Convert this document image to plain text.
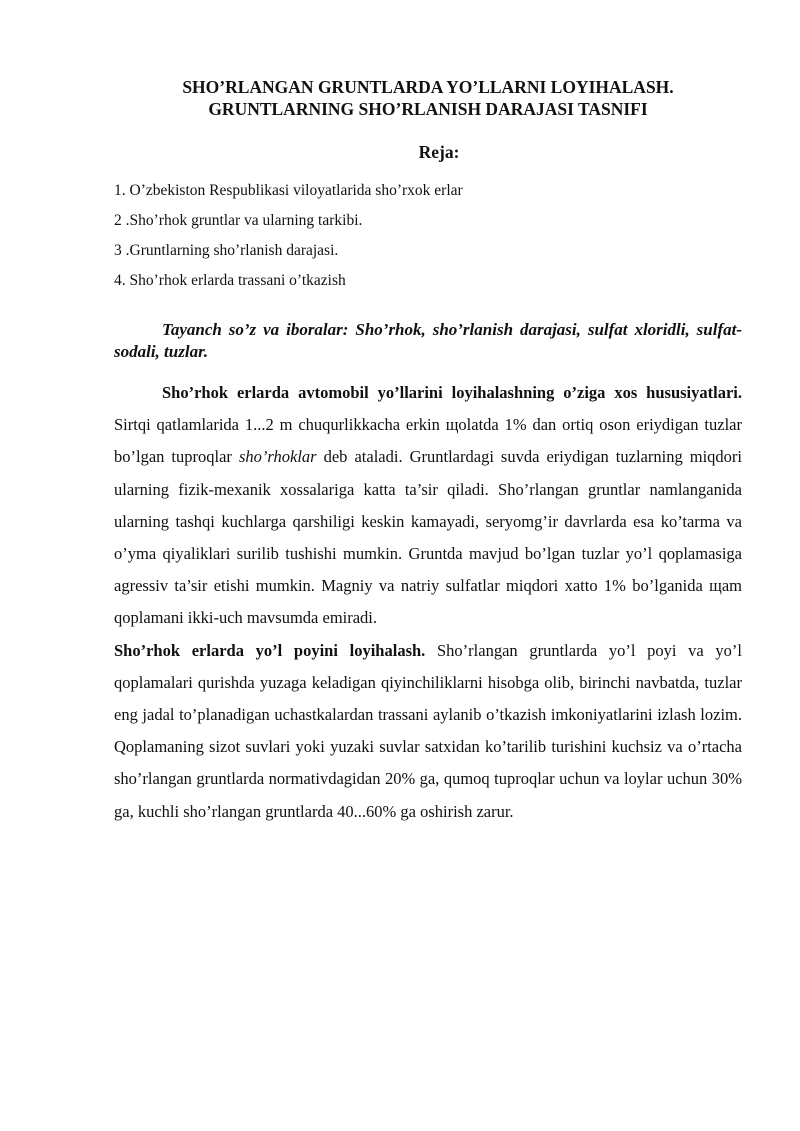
SHO’RLANGAN GRUNTLARDA YO’LLARNI LOYIHALASH.
GRUNTLARNING SHO’RLANISH DARAJASI TASNIFI
Reja:
1. O’zbekiston Respublikasi viloyatlarida sho’rxok erlar
2 .Sho’rhok gruntlar va ularning tarkibi.
3 .Gruntlarning sho’rlanish darajasi.
4. Sho’rhok erlarda trassani o’tkazish

Tayanch so’z va iboralar: Sho’rhok, sho’rlanish darajasi, sulfat xloridli, sulfat-sodali, tuzlar.

Sho’rhok erlarda avtomobil yo’llarini loyihalashning o’ziga xos hususiyatlari. Sirtqi qatlamlarida 1...2 m chuqurlikkacha erkin щolatda 1% dan ortiq oson eriydigan tuzlar bo’lgan tuproqlar sho’rhoklar deb ataladi. Gruntlardagi suvda eriydigan tuzlarning miqdori ularning fizik-mexanik xossalariga katta ta’sir qiladi. Sho’rlangan gruntlar namlanganida ularning tashqi kuchlarga qarshiligi keskin kamayadi, seryomg’ir davrlarda esa ko’tarma va o’yma qiyaliklari surilib tushishi mumkin. Gruntda mavjud bo’lgan tuzlar yo’l qoplamasiga agressiv ta’sir etishi mumkin. Magniy va natriy sulfatlar miqdori xatto 1% bo’lganida щam qoplamani ikki-uch mavsumda emiradi.

Sho’rhok erlarda yo’l poyini loyihalash. Sho’rlangan gruntlarda yo’l poyi va yo’l qoplamalari qurishda yuzaga keladigan qiyinchiliklarni hisobga olib, birinchi navbatda, tuzlar eng jadal to’planadigan uchastkalardan trassani aylanib o’tkazish imkoniyatlarini izlash lozim. Qoplamaning sizot suvlari yoki yuzaki suvlar satxidan ko’tarilib turishini kuchsiz va o’rtacha sho’rlangan gruntlarda normativdagidan 20% ga, qumoq tuproqlar uchun va loylar uchun 30% ga, kuchli sho’rlangan gruntlarda 40...60% ga oshirish zarur.
